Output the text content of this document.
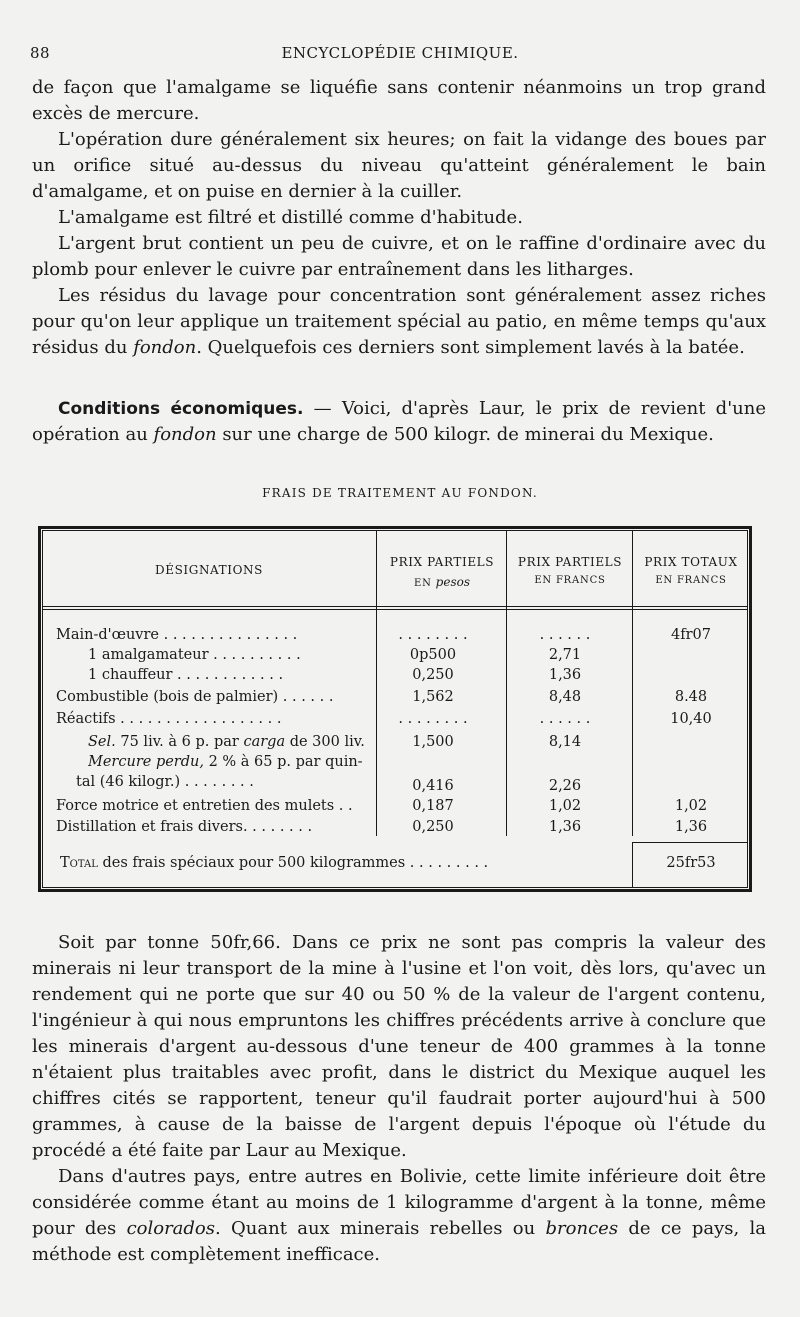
88	ENCYCLOPÉDIE CHIMIQUE.

de façon que l'amalgame se liquéfie sans contenir néanmoins un trop grand excès de mercure.

L'opération dure généralement six heures; on fait la vidange des boues par un orifice situé au-dessus du niveau qu'atteint généralement le bain d'amalgame, et on puise en dernier à la cuiller.

L'amalgame est filtré et distillé comme d'habitude.

L'argent brut contient un peu de cuivre, et on le raffine d'ordinaire avec du plomb pour enlever le cuivre par entraînement dans les litharges.

Les résidus du lavage pour concentration sont généralement assez riches pour qu'on leur applique un traitement spécial au patio, en même temps qu'aux résidus du fondon. Quelquefois ces derniers sont simplement lavés à la batée.

Conditions économiques. — Voici, d'après Laur, le prix de revient d'une opération au fondon sur une charge de 500 kilogr. de minerai du Mexique.

FRAIS DE TRAITEMENT AU FONDON.
DÉSIGNATIONS
PRIX PARTIELS
EN pesos
PRIX PARTIELS
EN FRANCS
PRIX TOTAUX
EN FRANCS
Main-d'œuvre . . . . . . . . . . . . . . .	. . . . . . . .	. . . . . .	4fr07
1 amalgamateur . . . . . . . . . .	0p500	2,71
1 chauffeur . . . . . . . . . . . .	0,250	1,36
Combustible (bois de palmier) . . . . . .	1,562	8,48	8.48
Réactifs . . . . . . . . . . . . . . . . . .	. . . . . . . .	. . . . . .	10,40
Sel. 75 liv. à 6 p. par carga de 300 liv.	1,500	8,14
Mercure perdu, 2 % à 65 p. par quin-
tal (46 kilogr.) . . . . . . . .	0,416	2,26
Force motrice et entretien des mulets . .	0,187	1,02	1,02
Distillation et frais divers. . . . . . . .	0,250	1,36	1,36
Total des frais spéciaux pour 500 kilogrammes . . . . . . . . .	25fr53

Soit par tonne 50fr,66. Dans ce prix ne sont pas compris la valeur des minerais ni leur transport de la mine à l'usine et l'on voit, dès lors, qu'avec un rendement qui ne porte que sur 40 ou 50 % de la valeur de l'argent contenu, l'ingénieur à qui nous empruntons les chiffres précédents arrive à conclure que les minerais d'argent au-dessous d'une teneur de 400 grammes à la tonne n'étaient plus traitables avec profit, dans le district du Mexique auquel les chiffres cités se rapportent, teneur qu'il faudrait porter aujourd'hui à 500 grammes, à cause de la baisse de l'argent depuis l'époque où l'étude du procédé a été faite par Laur au Mexique.

Dans d'autres pays, entre autres en Bolivie, cette limite inférieure doit être considérée comme étant au moins de 1 kilogramme d'argent à la tonne, même pour des colorados. Quant aux minerais rebelles ou bronces de ce pays, la méthode est complètement inefficace.
